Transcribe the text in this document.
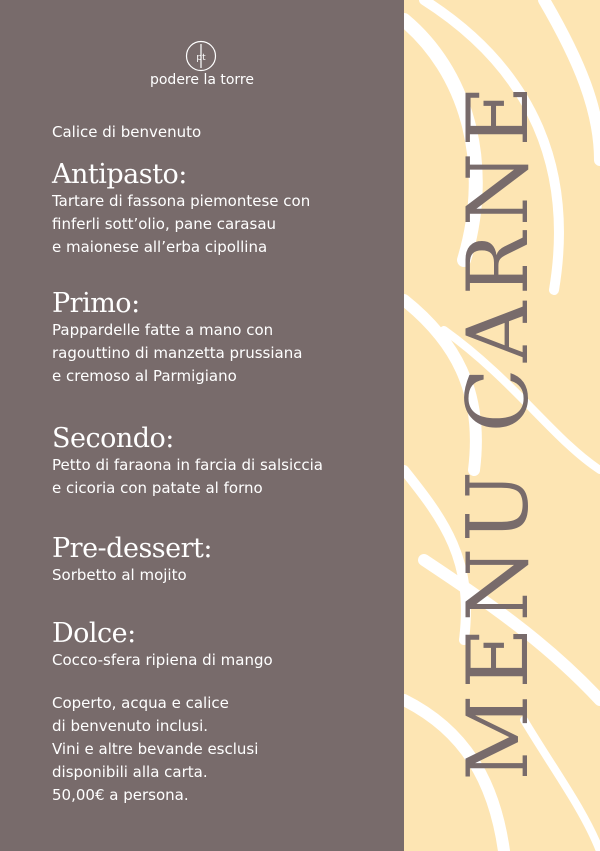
pt
podere la torre
Calice di benvenuto
Antipasto:
Tartare di fassona piemontese con
finferli sott’olio, pane carasau
e maionese all’erba cipollina
Primo:
Pappardelle fatte a mano con
ragouttino di manzetta prussiana
e cremoso al Parmigiano
Secondo:
Petto di faraona in farcia di salsiccia
e cicoria con patate al forno
Pre-dessert:
Sorbetto al mojito
Dolce:
Cocco-sfera ripiena di mango
Coperto, acqua e calice
di benvenuto inclusi.
Vini e altre bevande esclusi
disponibili alla carta.
50,00€ a persona.
MENU CARNE
